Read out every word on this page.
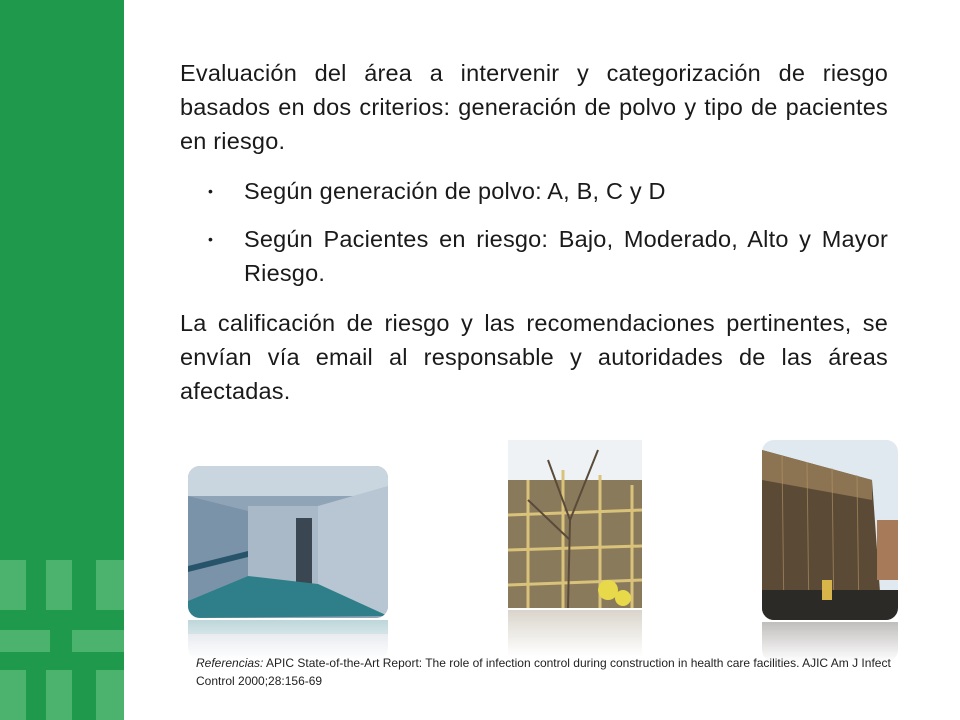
Evaluación del área a intervenir y categorización de riesgo basados en dos criterios: generación de polvo y tipo de pacientes en riesgo.

• Según generación de polvo: A, B, C y D
• Según Pacientes en riesgo: Bajo, Moderado, Alto y Mayor Riesgo.

La calificación de riesgo y las recomendaciones pertinentes, se envían vía email al responsable y autoridades de las áreas afectadas.

Referencias: APIC State-of-the-Art Report: The role of infection control during construction in health care facilities. AJIC Am J Infect Control 2000;28:156-69
